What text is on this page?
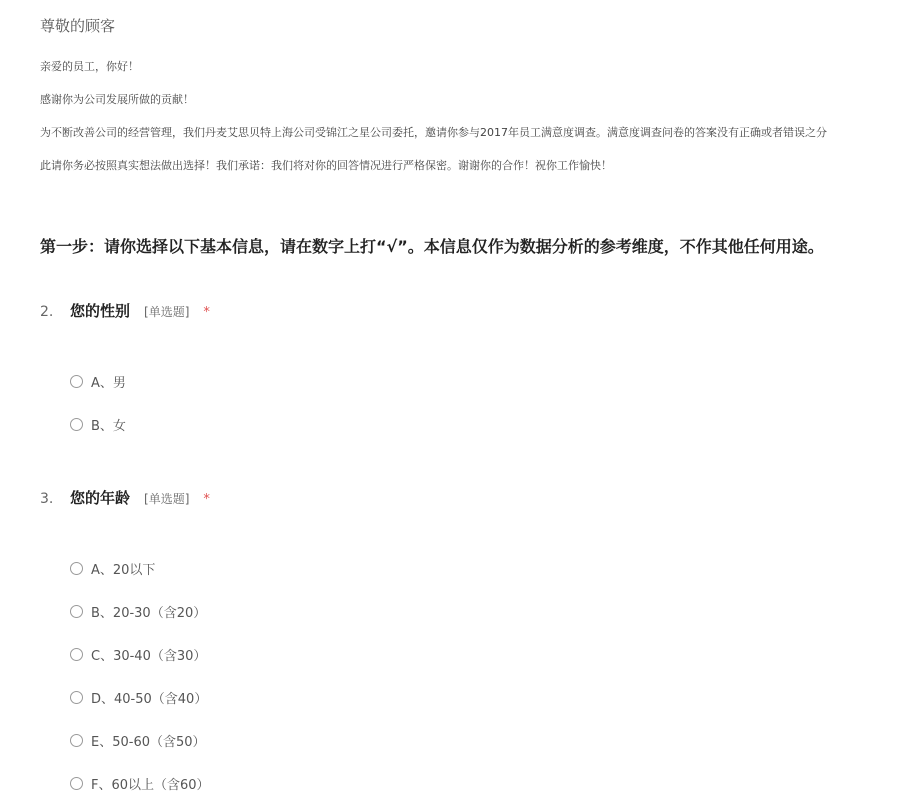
尊敬的顾客
亲爱的员工，你好！
感谢你为公司发展所做的贡献！
为不断改善公司的经营管理，我们丹麦艾思贝特上海公司受锦江之星公司委托，邀请你参与2017年员工满意度调查。满意度调查问卷的答案没有正确或者错误之分
此请你务必按照真实想法做出选择！我们承诺：我们将对你的回答情况进行严格保密。谢谢你的合作！祝你工作愉快！
第一步：请你选择以下基本信息，请在数字上打“√”。本信息仅作为数据分析的参考维度，不作其他任何用途。
2.	您的性别 [单选题] *
A、男
B、女
3.	您的年龄 [单选题] *
A、20以下
B、20-30（含20）
C、30-40（含30）
D、40-50（含40）
E、50-60（含50）
F、60以上（含60）
